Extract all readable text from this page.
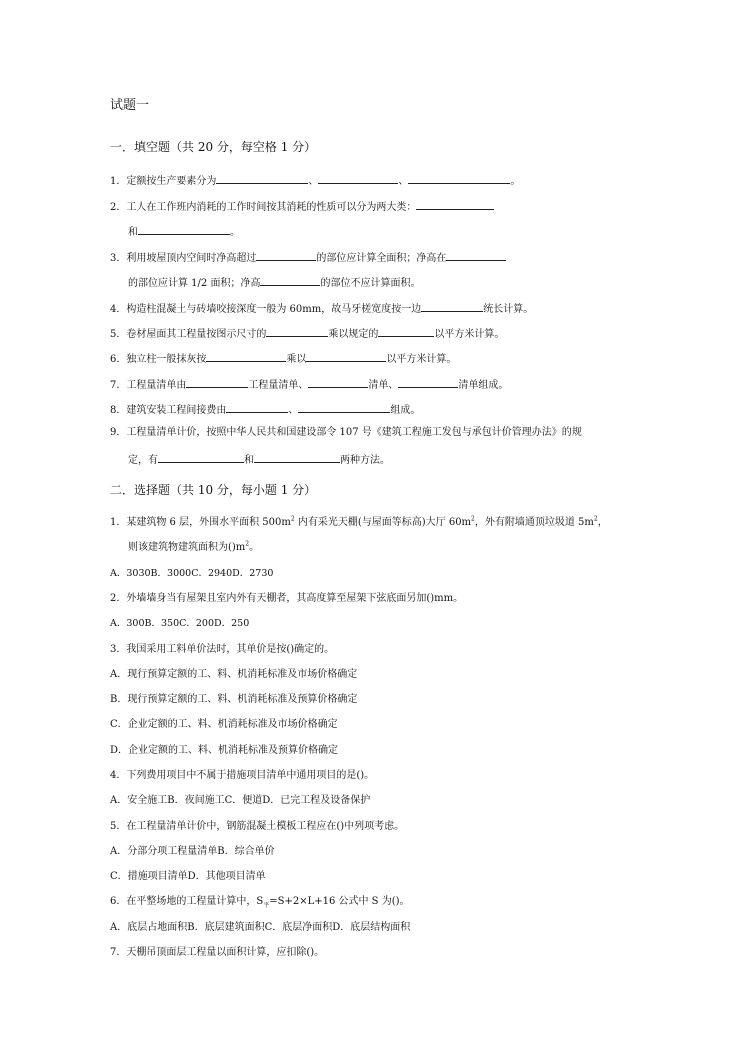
试题一
一．填空题（共 20 分，每空格 1 分）
1．定额按生产要素分为	、	、	。
2．工人在工作班内消耗的工作时间按其消耗的性质可以分为两大类：
和	。
3．利用坡屋顶内空间时净高超过	的部位应计算全面积；净高在
的部位应计算 1/2 面积；净高	的部位不应计算面积。
4．构造柱混凝土与砖墙咬接深度一般为 60mm，故马牙槎宽度按一边	统长计算。
5．卷材屋面其工程量按图示尺寸的	乘以规定的	以平方米计算。
6．独立柱一般抹灰按	乘以	以平方米计算。
7．工程量清单由	工程量清单、	清单、	清单组成。
8．建筑安装工程间接费由	、	组成。
9．工程量清单计价，按照中华人民共和国建设部令 107 号《建筑工程施工发包与承包计价管理办法》的规
定，有	和	两种方法。
二．选择题（共 10 分，每小题 1 分）
1．某建筑物 6 层，外围水平面积 $500m^2$ 内有采光天棚(与屋面等标高)大厅 $60m^2$，外有附墙通顶垃圾道 $5m^2$，
则该建筑物建筑面积为$()m^2$。
A．3030B．3000C．2940D．2730
2．外墙墙身当有屋架且室内外有天棚者，其高度算至屋架下弦底面另加()mm。
A．300B．350C．200D．250
3．我国采用工料单价法时，其单价是按()确定的。
A．现行预算定额的工、料、机消耗标准及市场价格确定
B．现行预算定额的工、料、机消耗标准及预算价格确定
C．企业定额的工、料、机消耗标准及市场价格确定
D．企业定额的工、料、机消耗标准及预算价格确定
4．下列费用项目中不属于措施项目清单中通用项目的是()。
A．安全施工B．夜间施工C．便道D．已完工程及设备保护
5．在工程量清单计价中，钢筋混凝土模板工程应在()中列项考虑。
A．分部分项工程量清单B．综合单价
C．措施项目清单D．其他项目清单
6．在平整场地的工程量计算中，$S_平=S+2\times L+16$ 公式中 S 为()。
A．底层占地面积B．底层建筑面积C．底层净面积D．底层结构面积
7．天棚吊顶面层工程量以面积计算，应扣除()。
